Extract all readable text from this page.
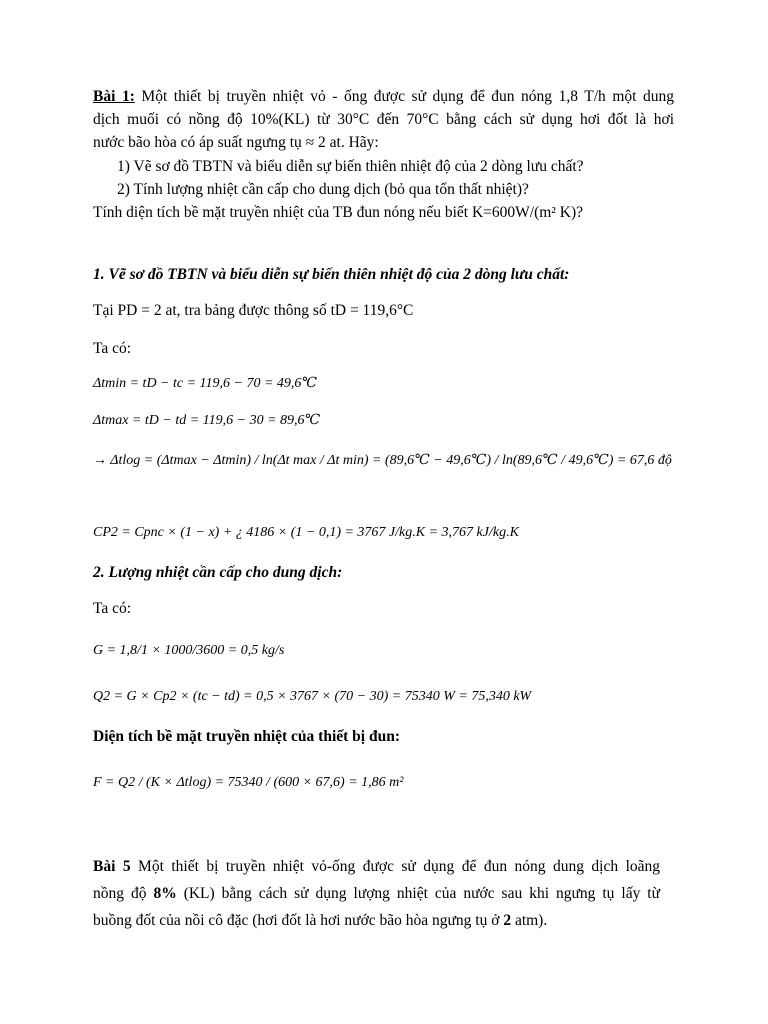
Bài 1: Một thiết bị truyền nhiệt vỏ - ống được sử dụng để đun nóng 1,8 T/h một dung
dịch muối có nồng độ 10%(KL) từ 30°C đến 70°C bằng cách sử dụng hơi đốt là hơi
nước bão hòa có áp suất ngưng tụ ≈ 2 at. Hãy:
1) Vẽ sơ đồ TBTN và biểu diễn sự biến thiên nhiệt độ của 2 dòng lưu chất?
2) Tính lượng nhiệt cần cấp cho dung dịch (bỏ qua tổn thất nhiệt)?
Tính diện tích bề mặt truyền nhiệt của TB đun nóng nếu biết K=600W/(m² K)?
1. Vẽ sơ đồ TBTN và biểu diễn sự biến thiên nhiệt độ của 2 dòng lưu chất:
Tại PD = 2 at, tra bảng được thông số tD = 119,6°C
Ta có:
Δtmin = tD − tc = 119,6 − 70 = 49,6℃
Δtmax = tD − td = 119,6 − 30 = 89,6℃
→ Δtlog = (Δtmax − Δtmin) / ln(Δt max / Δt min) = (89,6℃ − 49,6℃) / ln(89,6℃ / 49,6℃) = 67,6 độ
CP2 = Cpnc × (1 − x) + ¿ 4186 × (1 − 0,1) = 3767 J/kg.K = 3,767 kJ/kg.K
2. Lượng nhiệt cần cấp cho dung dịch:
Ta có:
G = 1,8/1 × 1000/3600 = 0,5 kg/s
Q2 = G × Cp2 × (tc − td) = 0,5 × 3767 × (70 − 30) = 75340 W = 75,340 kW
Diện tích bề mặt truyền nhiệt của thiết bị đun:
F = Q2 / (K × Δtlog) = 75340 / (600 × 67,6) = 1,86 m²
Bài 5 Một thiết bị truyền nhiệt vỏ-ống được sử dụng để đun nóng dung dịch loãng
nồng độ 8% (KL) bằng cách sử dụng lượng nhiệt của nước sau khi ngưng tụ lấy từ
buồng đốt của nồi cô đặc (hơi đốt là hơi nước bão hòa ngưng tụ ở 2 atm).
